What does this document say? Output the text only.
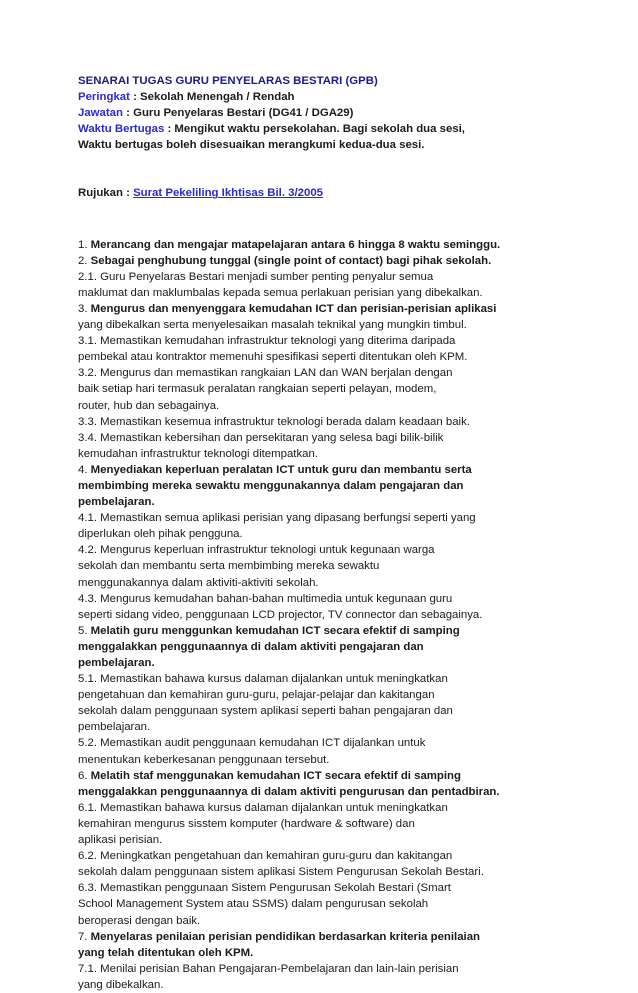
SENARAI TUGAS GURU PENYELARAS BESTARI (GPB)
Peringkat : Sekolah Menengah / Rendah
Jawatan : Guru Penyelaras Bestari (DG41 / DGA29)
Waktu Bertugas : Mengikut waktu persekolahan. Bagi sekolah dua sesi,
Waktu bertugas boleh disesuaikan merangkumi kedua-dua sesi.
Rujukan : Surat Pekeliling Ikhtisas Bil. 3/2005
1. Merancang dan mengajar matapelajaran antara 6 hingga 8 waktu seminggu.
2. Sebagai penghubung tunggal (single point of contact) bagi pihak sekolah.
2.1. Guru Penyelaras Bestari menjadi sumber penting penyalur semua
maklumat dan maklumbalas kepada semua perlakuan perisian yang dibekalkan.
3. Mengurus dan menyenggara kemudahan ICT dan perisian-perisian aplikasi
yang dibekalkan serta menyelesaikan masalah teknikal yang mungkin timbul.
3.1. Memastikan kemudahan infrastruktur teknologi yang diterima daripada
pembekal atau kontraktor memenuhi spesifikasi seperti ditentukan oleh KPM.
3.2. Mengurus dan memastikan rangkaian LAN dan WAN berjalan dengan
baik setiap hari termasuk peralatan rangkaian seperti pelayan, modem,
router, hub dan sebagainya.
3.3. Memastikan kesemua infrastruktur teknologi berada dalam keadaan baik.
3.4. Memastikan kebersihan dan persekitaran yang selesa bagi bilik-bilik
kemudahan infrastruktur teknologi ditempatkan.
4. Menyediakan keperluan peralatan ICT untuk guru dan membantu serta
membimbing mereka sewaktu menggunakannya dalam pengajaran dan
pembelajaran.
4.1. Memastikan semua aplikasi perisian yang dipasang berfungsi seperti yang
diperlukan oleh pihak pengguna.
4.2. Mengurus keperluan infrastruktur teknologi untuk kegunaan warga
sekolah dan membantu serta membimbing mereka sewaktu
menggunakannya dalam aktiviti-aktiviti sekolah.
4.3. Mengurus kemudahan bahan-bahan multimedia untuk kegunaan guru
seperti sidang video, penggunaan LCD projector, TV connector dan sebagainya.
5. Melatih guru menggunkan kemudahan ICT secara efektif di samping
menggalakkan penggunaannya di dalam aktiviti pengajaran dan
pembelajaran.
5.1. Memastikan bahawa kursus dalaman dijalankan untuk meningkatkan
pengetahuan dan kemahiran guru-guru, pelajar-pelajar dan kakitangan
sekolah dalam penggunaan system aplikasi seperti bahan pengajaran dan
pembelajaran.
5.2. Memastikan audit penggunaan kemudahan ICT dijalankan untuk
menentukan keberkesanan penggunaan tersebut.
6. Melatih staf menggunakan kemudahan ICT secara efektif di samping
menggalakkan penggunaannya di dalam aktiviti pengurusan dan pentadbiran.
6.1. Memastikan bahawa kursus dalaman dijalankan untuk meningkatkan
kemahiran mengurus sisstem komputer (hardware & software) dan
aplikasi perisian.
6.2. Meningkatkan pengetahuan dan kemahiran guru-guru dan kakitangan
sekolah dalam penggunaan sistem aplikasi Sistem Pengurusan Sekolah Bestari.
6.3. Memastikan penggunaan Sistem Pengurusan Sekolah Bestari (Smart
School Management System atau SSMS) dalam pengurusan sekolah
beroperasi dengan baik.
7. Menyelaras penilaian perisian pendidikan berdasarkan kriteria penilaian
yang telah ditentukan oleh KPM.
7.1. Menilai perisian Bahan Pengajaran-Pembelajaran dan lain-lain perisian
yang dibekalkan.
